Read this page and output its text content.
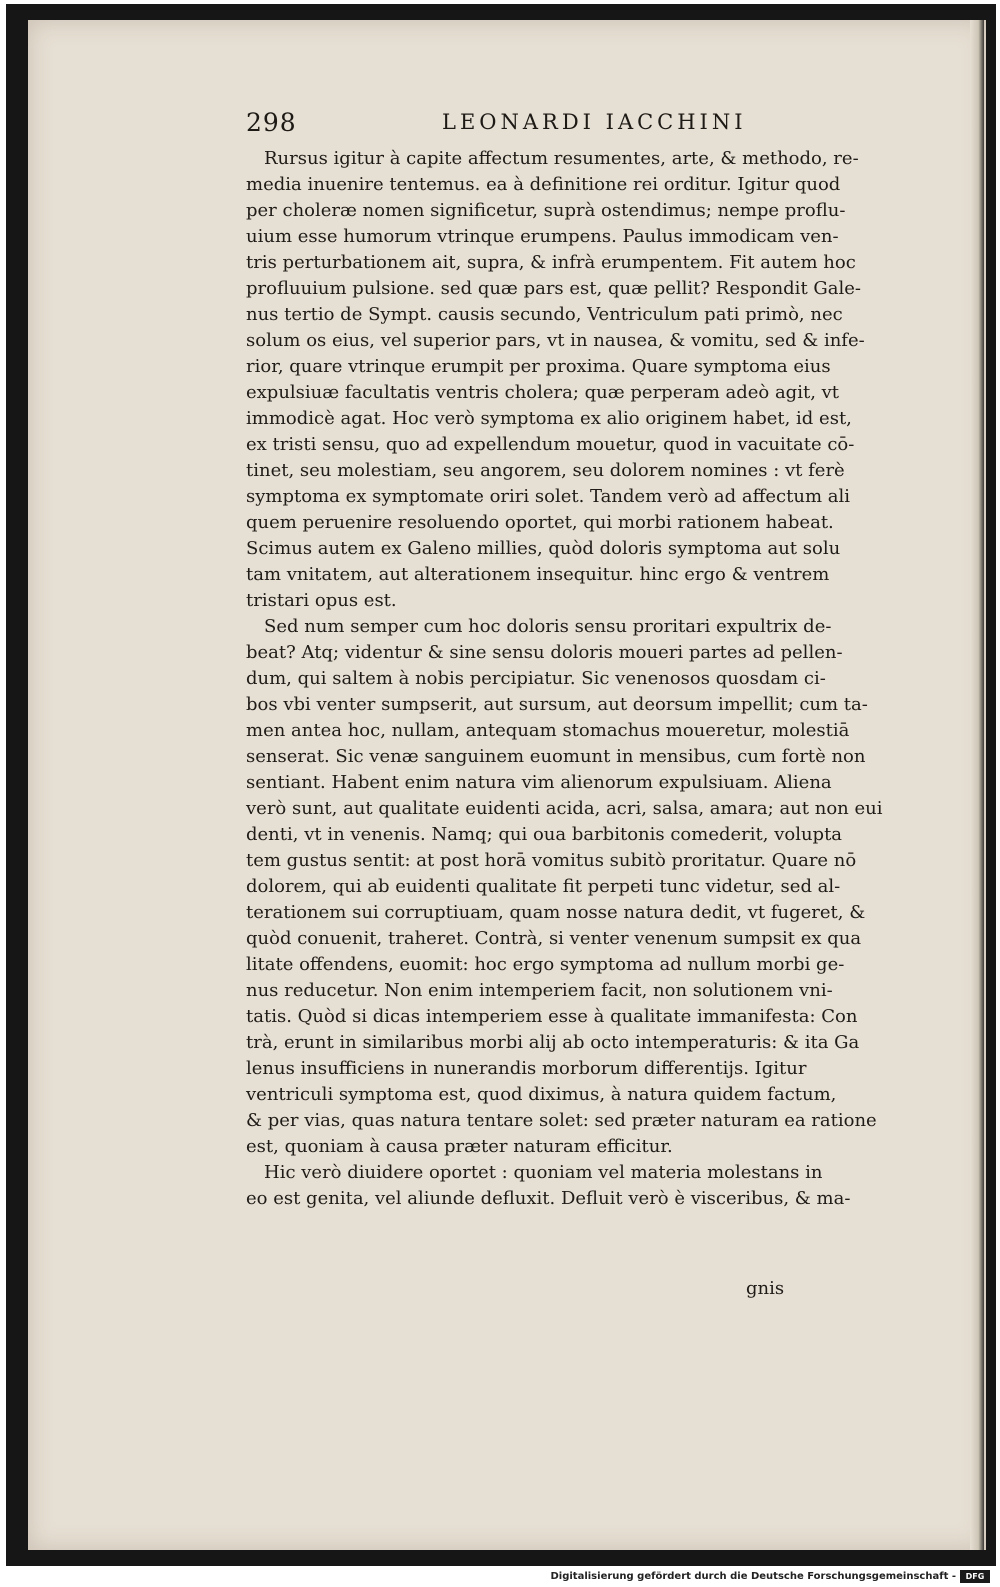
298	LEONARDI IACCHINI
Rursus igitur à capite affectum resumentes, arte, & methodo, re-
media inuenire tentemus. ea à definitione rei orditur. Igitur quod
per choleræ nomen significetur, suprà ostendimus; nempe proflu-
uium esse humorum vtrinque erumpens. Paulus immodicam ven-
tris perturbationem ait, supra, & infrà erumpentem. Fit autem hoc
profluuium pulsione. sed quæ pars est, quæ pellit? Respondit Gale-
nus tertio de Sympt. causis secundo, Ventriculum pati primò, nec
solum os eius, vel superior pars, vt in nausea, & vomitu, sed & infe-
rior, quare vtrinque erumpit per proxima. Quare symptoma eius
expulsiuæ facultatis ventris cholera; quæ perperam adeò agit, vt
immodicè agat. Hoc verò symptoma ex alio originem habet, id est,
ex tristi sensu, quo ad expellendum mouetur, quod in vacuitate cō-
tinet, seu molestiam, seu angorem, seu dolorem nomines : vt ferè
symptoma ex symptomate oriri solet. Tandem verò ad affectum ali
quem peruenire resoluendo oportet, qui morbi rationem habeat.
Scimus autem ex Galeno millies, quòd doloris symptoma aut solu
tam vnitatem, aut alterationem insequitur. hinc ergo & ventrem
tristari opus est.
Sed num semper cum hoc doloris sensu proritari expultrix de-
beat? Atq; videntur & sine sensu doloris moueri partes ad pellen-
dum, qui saltem à nobis percipiatur. Sic venenosos quosdam ci-
bos vbi venter sumpserit, aut sursum, aut deorsum impellit; cum ta-
men antea hoc, nullam, antequam stomachus moueretur, molestiā
senserat. Sic venæ sanguinem euomunt in mensibus, cum fortè non
sentiant. Habent enim natura vim alienorum expulsiuam. Aliena
verò sunt, aut qualitate euidenti acida, acri, salsa, amara; aut non eui
denti, vt in venenis. Namq; qui oua barbitonis comederit, volupta
tem gustus sentit: at post horā vomitus subitò proritatur. Quare nō
dolorem, qui ab euidenti qualitate fit perpeti tunc videtur, sed al-
terationem sui corruptiuam, quam nosse natura dedit, vt fugeret, &
quòd conuenit, traheret. Contrà, si venter venenum sumpsit ex qua
litate offendens, euomit: hoc ergo symptoma ad nullum morbi ge-
nus reducetur. Non enim intemperiem facit, non solutionem vni-
tatis. Quòd si dicas intemperiem esse à qualitate immanifesta: Con
trà, erunt in similaribus morbi alij ab octo intemperaturis: & ita Ga
lenus insufficiens in nunerandis morborum differentijs. Igitur
ventriculi symptoma est, quod diximus, à natura quidem factum,
& per vias, quas natura tentare solet: sed præter naturam ea ratione
est, quoniam à causa præter naturam efficitur.
Hic verò diuidere oportet : quoniam vel materia molestans in
eo est genita, vel aliunde defluxit. Defluit verò è visceribus, & ma-
gnis
Digitalisierung gefördert durch die Deutsche Forschungsgemeinschaft -	DFG
